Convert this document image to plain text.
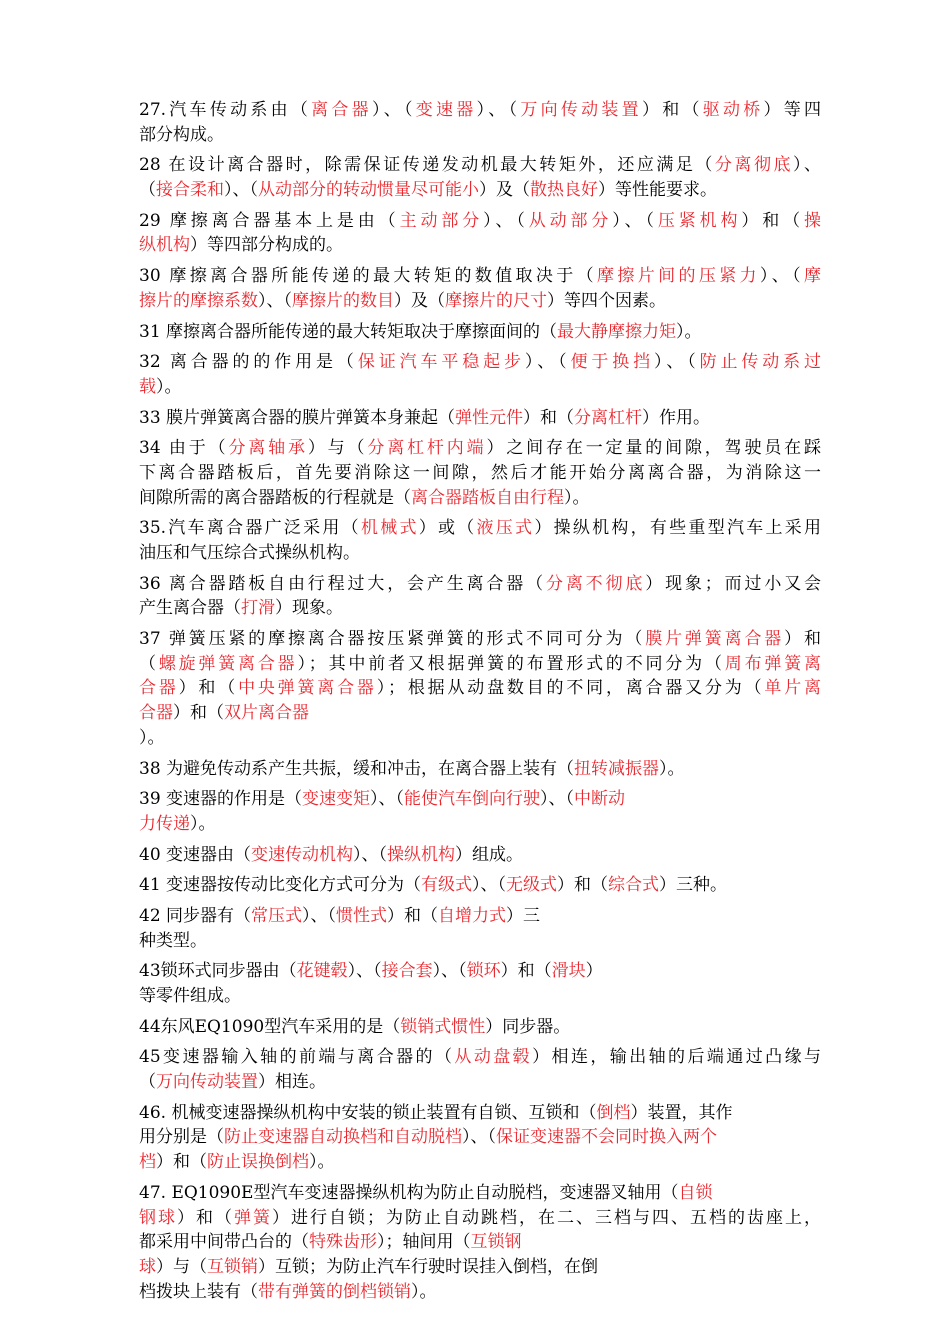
27.汽车传动系由（离合器）、（变速器）、（万向传动装置）和（驱动桥）等四
部分构成。
28 在设计离合器时，除需保证传递发动机最大转矩外，还应满足（分离彻底）、
（接合柔和）、（从动部分的转动惯量尽可能小）及（散热良好）等性能要求。
29 摩擦离合器基本上是由（主动部分）、（从动部分）、（压紧机构）和（操
纵机构）等四部分构成的。
30 摩擦离合器所能传递的最大转矩的数值取决于（摩擦片间的压紧力）、（摩
擦片的摩擦系数）、（摩擦片的数目）及（摩擦片的尺寸）等四个因素。
31 摩擦离合器所能传递的最大转矩取决于摩擦面间的（最大静摩擦力矩）。
32 离合器的的作用是（保证汽车平稳起步）、（便于换挡）、（防止传动系过
载）。
33 膜片弹簧离合器的膜片弹簧本身兼起（弹性元件）和（分离杠杆）作用。
34 由于（分离轴承）与（分离杠杆内端）之间存在一定量的间隙，驾驶员在踩
下离合器踏板后，首先要消除这一间隙，然后才能开始分离离合器，为消除这一
间隙所需的离合器踏板的行程就是（离合器踏板自由行程）。
35.汽车离合器广泛采用（机械式）或（液压式）操纵机构，有些重型汽车上采用
油压和气压综合式操纵机构。
36 离合器踏板自由行程过大，会产生离合器（分离不彻底）现象；而过小又会
产生离合器（打滑）现象。
37 弹簧压紧的摩擦离合器按压紧弹簧的形式不同可分为（膜片弹簧离合器）和
（螺旋弹簧离合器）；其中前者又根据弹簧的布置形式的不同分为（周布弹簧离
合器）和（中央弹簧离合器）；根据从动盘数目的不同，离合器又分为（单片离
合器）和（双片离合器
）。
38 为避免传动系产生共振，缓和冲击，在离合器上装有（扭转减振器）。
39 变速器的作用是（变速变矩）、（能使汽车倒向行驶）、（中断动
力传递）。
40 变速器由（变速传动机构）、（操纵机构）组成。
41 变速器按传动比变化方式可分为（有级式）、（无级式）和（综合式）三种。
42 同步器有（常压式）、（惯性式）和（自增力式）三
种类型。
43锁环式同步器由（花键毂）、（接合套）、（锁环）和（滑块）
等零件组成。
44东风EQ1090型汽车采用的是（锁销式惯性）同步器。
45变速器输入轴的前端与离合器的（从动盘毂）相连，输出轴的后端通过凸缘与
（万向传动装置）相连。
46. 机械变速器操纵机构中安装的锁止装置有自锁、互锁和（倒档）装置，其作
用分别是（防止变速器自动换档和自动脱档）、（保证变速器不会同时换入两个
档）和（防止误换倒档）。
47. EQ1090E型汽车变速器操纵机构为防止自动脱档，变速器叉轴用（自锁
钢球）和（弹簧）进行自锁；为防止自动跳档，在二、三档与四、五档的齿座上，
都采用中间带凸台的（特殊齿形）；轴间用（互锁钢
球）与（互锁销）互锁；为防止汽车行驶时误挂入倒档，在倒
档拨块上装有（带有弹簧的倒档锁销）。
